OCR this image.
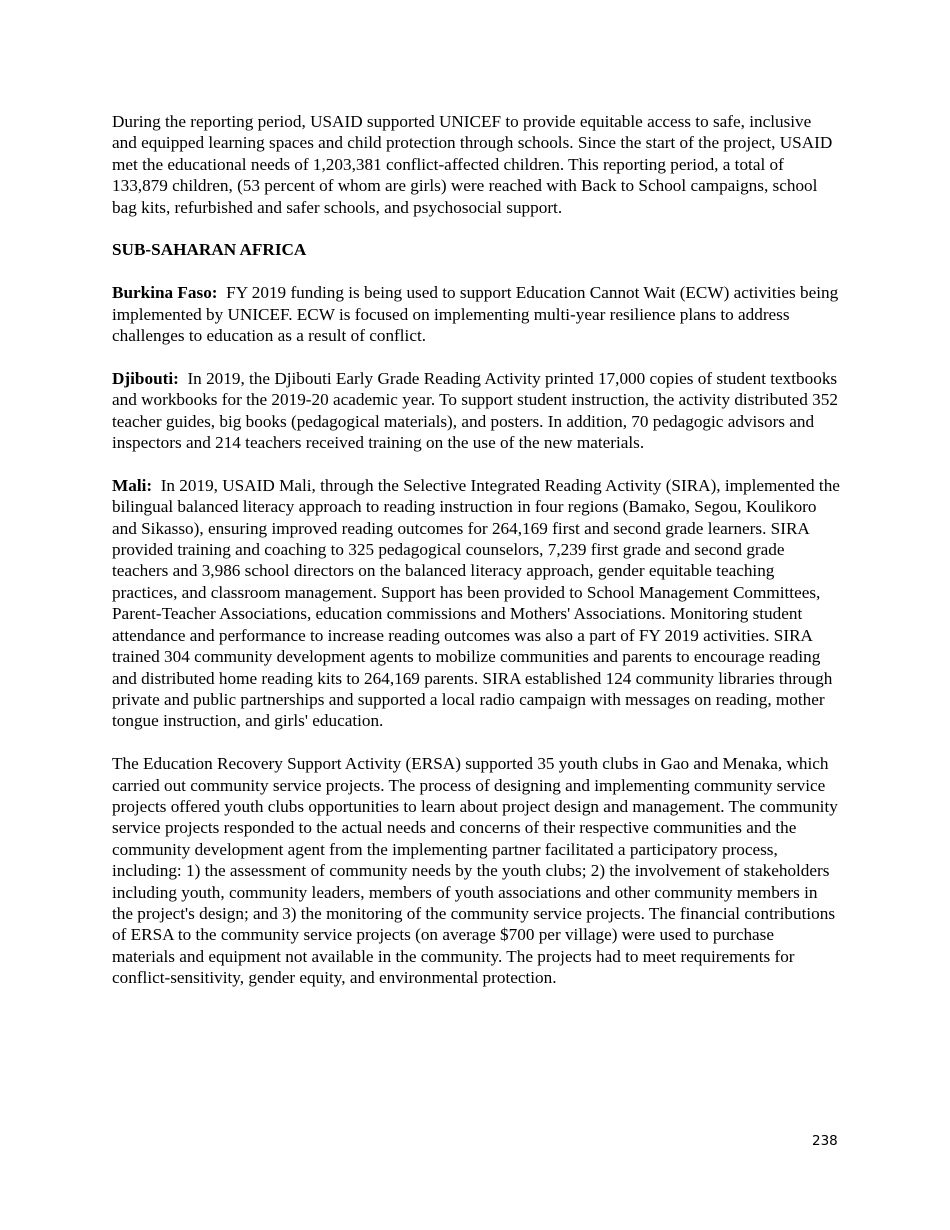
During the reporting period, USAID supported UNICEF to provide equitable access to safe, inclusive and equipped learning spaces and child protection through schools. Since the start of the project, USAID met the educational needs of 1,203,381 conflict-affected children. This reporting period, a total of 133,879 children, (53 percent of whom are girls) were reached with Back to School campaigns, school bag kits, refurbished and safer schools, and psychosocial support.

SUB-SAHARAN AFRICA

Burkina Faso: FY 2019 funding is being used to support Education Cannot Wait (ECW) activities being implemented by UNICEF. ECW is focused on implementing multi-year resilience plans to address challenges to education as a result of conflict.

Djibouti: In 2019, the Djibouti Early Grade Reading Activity printed 17,000 copies of student textbooks and workbooks for the 2019-20 academic year. To support student instruction, the activity distributed 352 teacher guides, big books (pedagogical materials), and posters. In addition, 70 pedagogic advisors and inspectors and 214 teachers received training on the use of the new materials.

Mali: In 2019, USAID Mali, through the Selective Integrated Reading Activity (SIRA), implemented the bilingual balanced literacy approach to reading instruction in four regions (Bamako, Segou, Koulikoro and Sikasso), ensuring improved reading outcomes for 264,169 first and second grade learners. SIRA provided training and coaching to 325 pedagogical counselors, 7,239 first grade and second grade teachers and 3,986 school directors on the balanced literacy approach, gender equitable teaching practices, and classroom management. Support has been provided to School Management Committees, Parent-Teacher Associations, education commissions and Mothers' Associations. Monitoring student attendance and performance to increase reading outcomes was also a part of FY 2019 activities. SIRA trained 304 community development agents to mobilize communities and parents to encourage reading and distributed home reading kits to 264,169 parents. SIRA established 124 community libraries through private and public partnerships and supported a local radio campaign with messages on reading, mother tongue instruction, and girls' education.

The Education Recovery Support Activity (ERSA) supported 35 youth clubs in Gao and Menaka, which carried out community service projects. The process of designing and implementing community service projects offered youth clubs opportunities to learn about project design and management. The community service projects responded to the actual needs and concerns of their respective communities and the community development agent from the implementing partner facilitated a participatory process, including: 1) the assessment of community needs by the youth clubs; 2) the involvement of stakeholders including youth, community leaders, members of youth associations and other community members in the project's design; and 3) the monitoring of the community service projects. The financial contributions of ERSA to the community service projects (on average $700 per village) were used to purchase materials and equipment not available in the community. The projects had to meet requirements for conflict-sensitivity, gender equity, and environmental protection.

238
